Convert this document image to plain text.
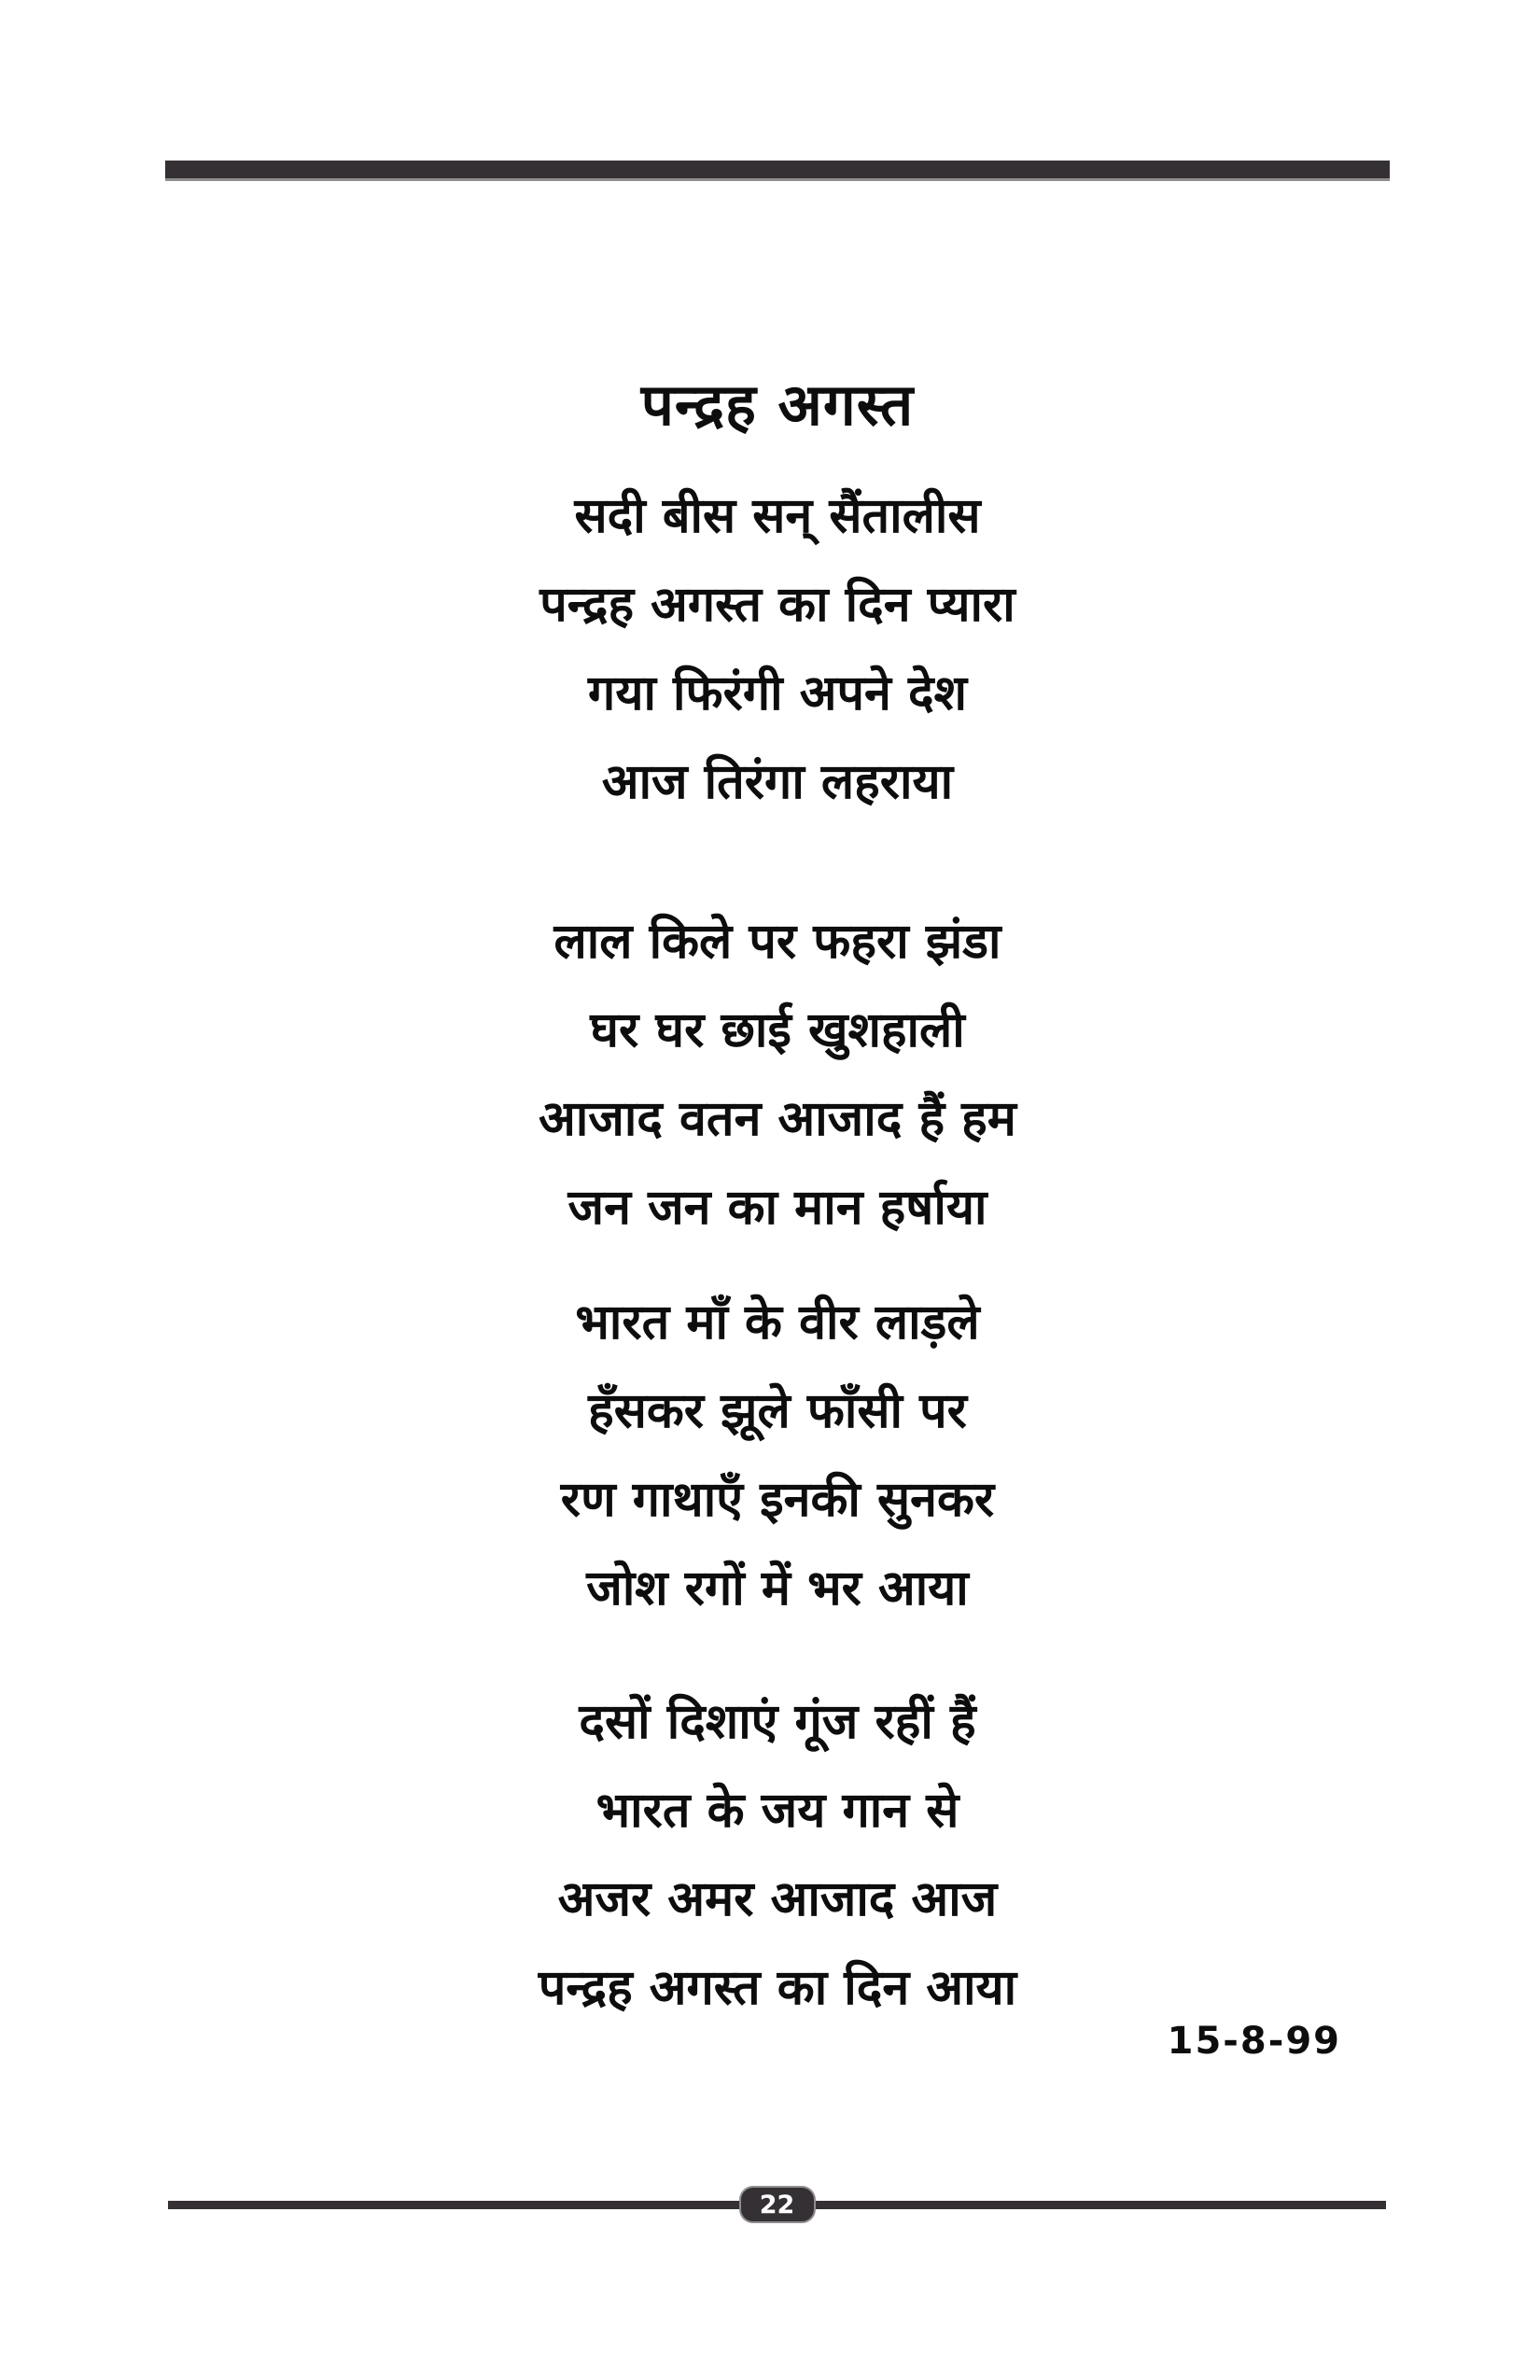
पन्द्रह अगस्त
सदी बीस सन् सैंतालीस
पन्द्रह अगस्त का दिन प्यारा
गया फिरंगी अपने देश
आज तिरंगा लहराया
लाल किले पर फहरा झंडा
घर घर छाई खुशहाली
आजाद वतन आजाद हैं हम
जन जन का मान हर्षाया
भारत माँ के वीर लाड़ले
हँसकर झूले फाँसी पर
रण गाथाएँ इनकी सुनकर
जोश रगों में भर आया
दसों दिशाएं गूंज रहीं हैं
भारत के जय गान से
अजर अमर आजाद आज
पन्द्रह अगस्त का दिन आया
15-8-99
22
